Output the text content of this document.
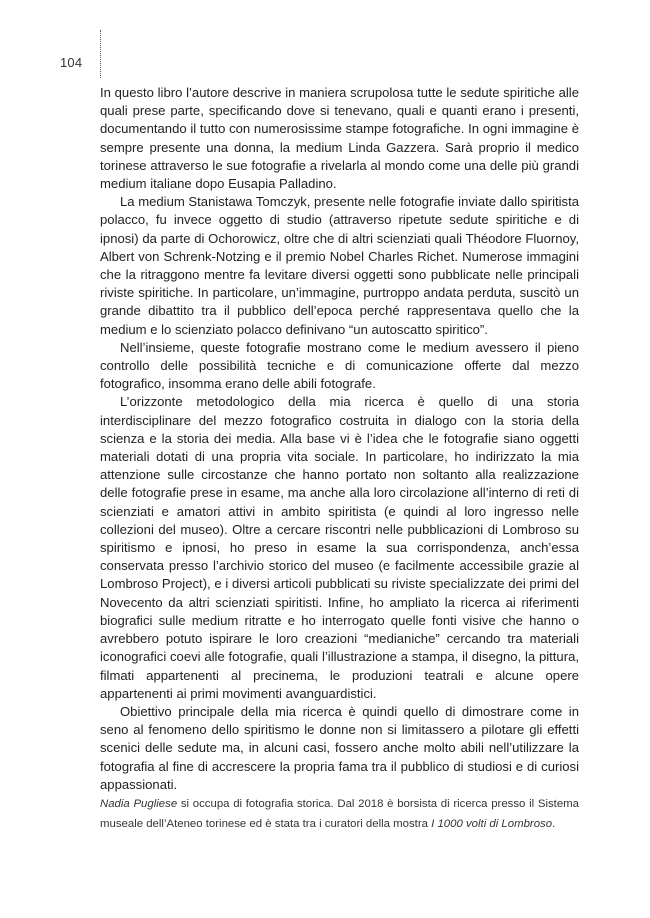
104

In questo libro l’autore descrive in maniera scrupolosa tutte le sedute spiritiche alle quali prese parte, specificando dove si tenevano, quali e quanti erano i presenti, documentando il tutto con numerosissime stampe fotografiche. In ogni immagine è sempre presente una donna, la medium Linda Gazzera. Sarà proprio il medico torinese attraverso le sue fotografie a rivelarla al mondo come una delle più grandi medium italiane dopo Eusapia Palladino.

La medium Stanistawa Tomczyk, presente nelle fotografie inviate dallo spiritista polacco, fu invece oggetto di studio (attraverso ripetute sedute spiritiche e di ipnosi) da parte di Ochorowicz, oltre che di altri scienziati quali Théodore Fluornoy, Albert von Schrenk-Notzing e il premio Nobel Charles Richet. Numerose immagini che la ritraggono mentre fa levitare diversi oggetti sono pubblicate nelle principali riviste spiritiche. In particolare, un’immagine, purtroppo andata perduta, suscitò un grande dibattito tra il pubblico dell’epoca perché rappresentava quello che la medium e lo scienziato polacco definivano “un autoscatto spiritico”.

Nell’insieme, queste fotografie mostrano come le medium avessero il pieno controllo delle possibilità tecniche e di comunicazione offerte dal mezzo fotografico, insomma erano delle abili fotografe.

L’orizzonte metodologico della mia ricerca è quello di una storia interdisciplinare del mezzo fotografico costruita in dialogo con la storia della scienza e la storia dei media. Alla base vi è l’idea che le fotografie siano oggetti materiali dotati di una propria vita sociale. In particolare, ho indirizzato la mia attenzione sulle circostanze che hanno portato non soltanto alla realizzazione delle fotografie prese in esame, ma anche alla loro circolazione all’interno di reti di scienziati e amatori attivi in ambito spiritista (e quindi al loro ingresso nelle collezioni del museo). Oltre a cercare riscontri nelle pubblicazioni di Lombroso su spiritismo e ipnosi, ho preso in esame la sua corrispondenza, anch’essa conservata presso l’archivio storico del museo (e facilmente accessibile grazie al Lombroso Project), e i diversi articoli pubblicati su riviste specializzate dei primi del Novecento da altri scienziati spiritisti. Infine, ho ampliato la ricerca ai riferimenti biografici sulle medium ritratte e ho interrogato quelle fonti visive che hanno o avrebbero potuto ispirare le loro creazioni “medianiche” cercando tra materiali iconografici coevi alle fotografie, quali l’illustrazione a stampa, il disegno, la pittura, filmati appartenenti al precinema, le produzioni teatrali e alcune opere appartenenti ai primi movimenti avanguardistici.

Obiettivo principale della mia ricerca è quindi quello di dimostrare come in seno al fenomeno dello spiritismo le donne non si limitassero a pilotare gli effetti scenici delle sedute ma, in alcuni casi, fossero anche molto abili nell’utilizzare la fotografia al fine di accrescere la propria fama tra il pubblico di studiosi e di curiosi appassionati.

Nadia Pugliese si occupa di fotografia storica. Dal 2018 è borsista di ricerca presso il Sistema museale dell’Ateneo torinese ed è stata tra i curatori della mostra I 1000 volti di Lombroso.
